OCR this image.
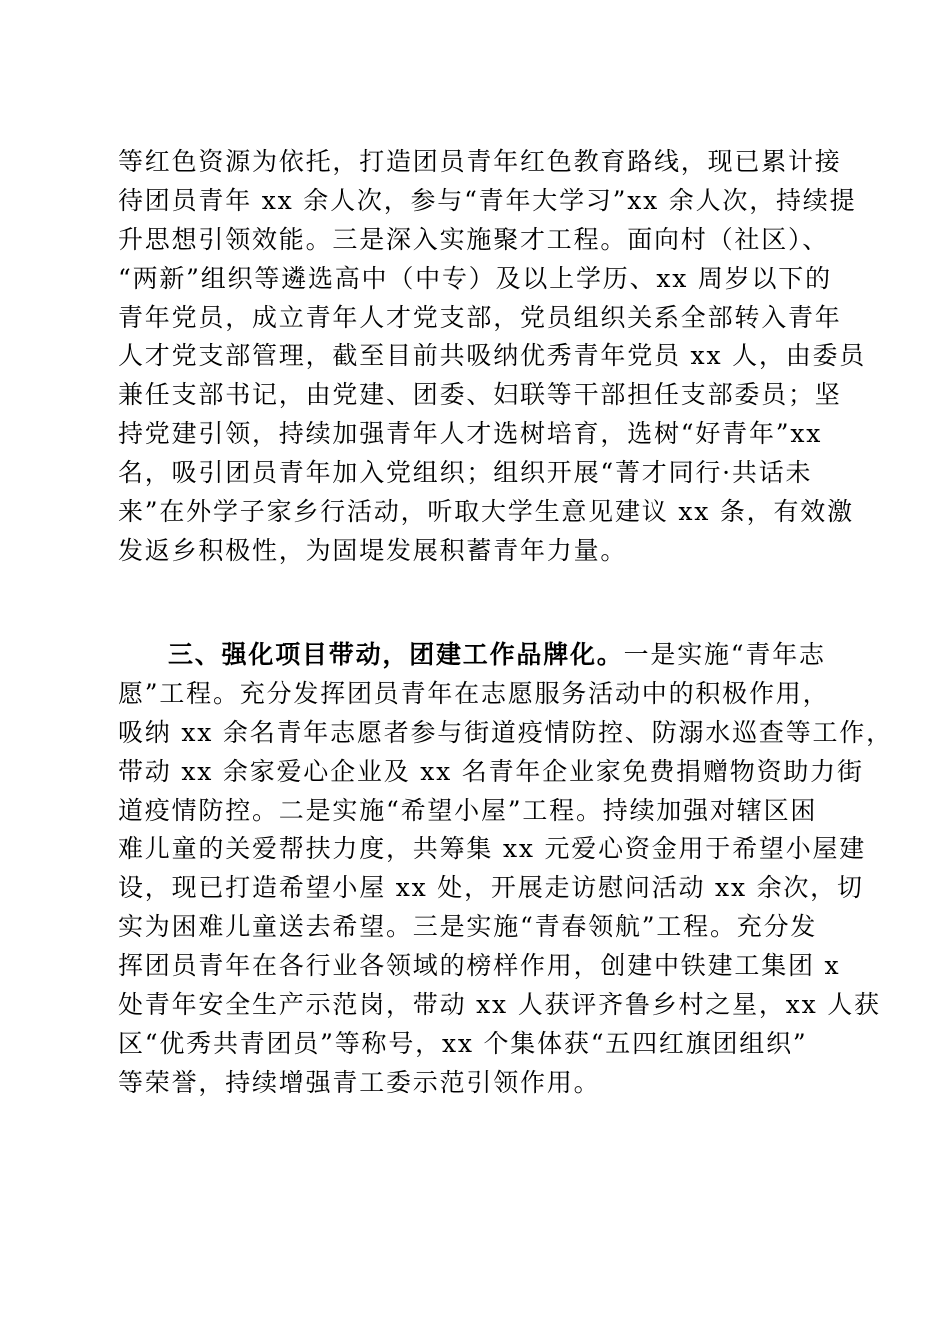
等红色资源为依托，打造团员青年红色教育路线，现已累计接
待团员青年 xx 余人次，参与“青年大学习”xx 余人次，持续提
升思想引领效能。三是深入实施聚才工程。面向村（社区）、
“两新”组织等遴选高中（中专）及以上学历、xx 周岁以下的
青年党员，成立青年人才党支部，党员组织关系全部转入青年
人才党支部管理，截至目前共吸纳优秀青年党员 xx 人，由委员
兼任支部书记，由党建、团委、妇联等干部担任支部委员；坚
持党建引领，持续加强青年人才选树培育，选树“好青年”xx
名，吸引团员青年加入党组织；组织开展“菁才同行·共话未
来”在外学子家乡行活动，听取大学生意见建议 xx 条，有效激
发返乡积极性，为固堤发展积蓄青年力量。
三、强化项目带动，团建工作品牌化。一是实施“青年志
愿”工程。充分发挥团员青年在志愿服务活动中的积极作用，
吸纳 xx 余名青年志愿者参与街道疫情防控、防溺水巡查等工作，
带动 xx 余家爱心企业及 xx 名青年企业家免费捐赠物资助力街
道疫情防控。二是实施“希望小屋”工程。持续加强对辖区困
难儿童的关爱帮扶力度，共筹集 xx 元爱心资金用于希望小屋建
设，现已打造希望小屋 xx 处，开展走访慰问活动 xx 余次，切
实为困难儿童送去希望。三是实施“青春领航”工程。充分发
挥团员青年在各行业各领域的榜样作用，创建中铁建工集团 x
处青年安全生产示范岗，带动 xx 人获评齐鲁乡村之星，xx 人获
区“优秀共青团员”等称号，xx 个集体获“五四红旗团组织”
等荣誉，持续增强青工委示范引领作用。
